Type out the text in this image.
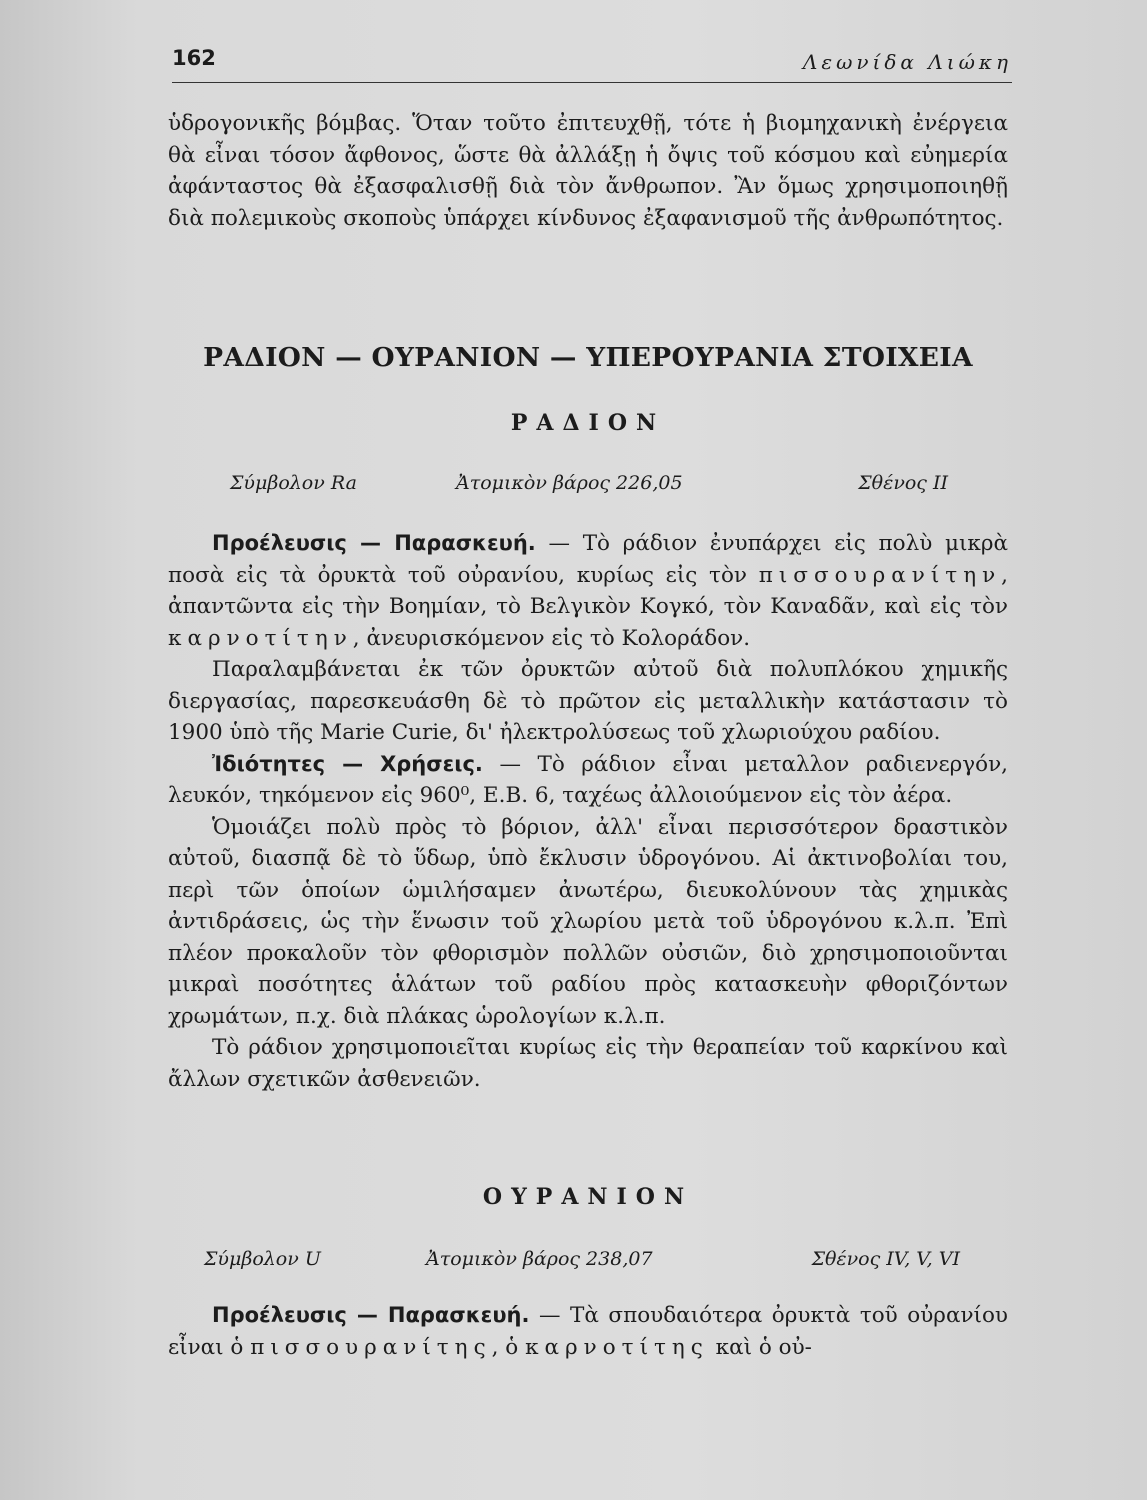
162	Λεωνίδα Λιώκη

ὑδρογονικῆς βόμβας. Ὅταν τοῦτο ἐπιτευχθῇ, τότε ἡ βιομηχανικὴ ἐνέργεια θὰ εἶναι τόσον ἄφθονος, ὥστε θὰ ἀλλάξῃ ἡ ὄψις τοῦ κόσμου καὶ εὐημερία ἀφάνταστος θὰ ἐξασφαλισθῇ διὰ τὸν ἄνθρωπον. Ἂν ὅμως χρησιμοποιηθῇ διὰ πολεμικοὺς σκοποὺς ὑπάρχει κίνδυνος ἐξαφανισμοῦ τῆς ἀνθρωπότητος.

ΡΑΔΙΟΝ — ΟΥΡΑΝΙΟΝ — ΥΠΕΡΟΥΡΑΝΙΑ ΣΤΟΙΧΕΙΑ
ΡΑΔΙΟΝ
Σύμβολον Ra	Ἀτομικὸν βάρος 226,05	Σθένος II

Προέλευσις — Παρασκευή. — Τὸ ράδιον ἐνυπάρχει εἰς πολὺ μικρὰ ποσὰ εἰς τὰ ὀρυκτὰ τοῦ οὐρανίου, κυρίως εἰς τὸν πισσουρανίτην, ἀπαντῶντα εἰς τὴν Βοημίαν, τὸ Βελγικὸν Κογκό, τὸν Καναδᾶν, καὶ εἰς τὸν καρνοτίτην, ἀνευρισκόμενον εἰς τὸ Κολοράδον.

Παραλαμβάνεται ἐκ τῶν ὀρυκτῶν αὐτοῦ διὰ πολυπλόκου χημικῆς διεργασίας, παρεσκευάσθη δὲ τὸ πρῶτον εἰς μεταλλικὴν κατάστασιν τὸ 1900 ὑπὸ τῆς Marie Curie, δι' ἠλεκτρολύσεως τοῦ χλωριούχου ραδίου.

Ἰδιότητες — Χρήσεις. — Τὸ ράδιον εἶναι μεταλλον ραδιενεργόν, λευκόν, τηκόμενον εἰς 960⁰, Ε.Β. 6, ταχέως ἀλλοιούμενον εἰς τὸν ἀέρα.

Ὁμοιάζει πολὺ πρὸς τὸ βόριον, ἀλλ' εἶναι περισσότερον δραστικὸν αὐτοῦ, διασπᾷ δὲ τὸ ὕδωρ, ὑπὸ ἔκλυσιν ὑδρογόνου. Αἱ ἀκτινοβολίαι του, περὶ τῶν ὁποίων ὡμιλήσαμεν ἀνωτέρω, διευκολύνουν τὰς χημικὰς ἀντιδράσεις, ὡς τὴν ἕνωσιν τοῦ χλωρίου μετὰ τοῦ ὑδρογόνου κ.λ.π. Ἐπὶ πλέον προκαλοῦν τὸν φθορισμὸν πολλῶν οὐσιῶν, διὸ χρησιμοποιοῦνται μικραὶ ποσότητες ἁλάτων τοῦ ραδίου πρὸς κατασκευὴν φθοριζόντων χρωμάτων, π.χ. διὰ πλάκας ὡρολογίων κ.λ.π.

Τὸ ράδιον χρησιμοποιεῖται κυρίως εἰς τὴν θεραπείαν τοῦ καρκίνου καὶ ἄλλων σχετικῶν ἀσθενειῶν.

ΟΥΡΑΝΙΟΝ
Σύμβολον U	Ἀτομικὸν βάρος 238,07	Σθένος IV, V, VI

Προέλευσις — Παρασκευή. — Τὰ σπουδαιότερα ὀρυκτὰ τοῦ οὐρανίου εἶναι ὁ πισσουρανίτης, ὁ καρνοτίτης καὶ ὁ οὐ-
